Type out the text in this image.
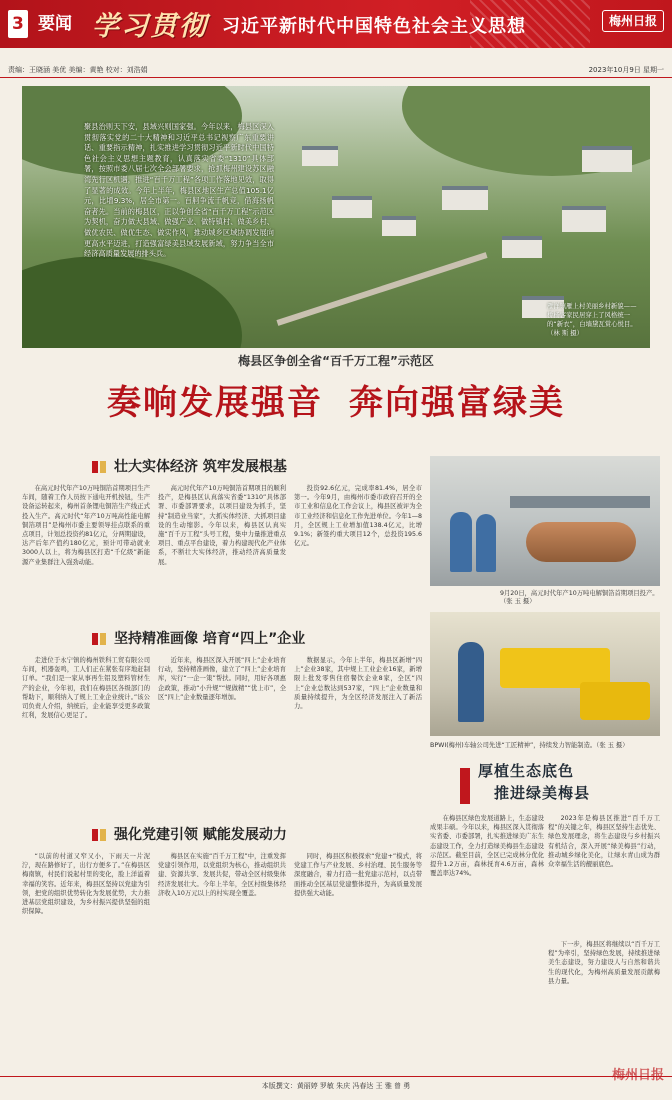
3 要闻 学习贯彻 习近平新时代中国特色社会主义思想	梅州日报
责编：王晓涵 美优 美编：黄艳 校对：刘浩娟	2023年10月9日 星期一
聚县治则天下安，县域兴则国家强。今年以来，梅县区深入贯彻落实党的二十大精神和习近平总书记视察广东重要讲话、重要指示精神，扎实推进学习贯彻习近平新时代中国特色社会主义思想主题教育，认真落实省委“1310”具体部署，按照市委八届七次全会部署要求，抢抓梅州建设苏区融湾先行区机遇，推进“百千万工程”各项工作落地见效，取得了显著的成效。今年上半年，梅县区地区生产总值105.1亿元，比增9.3%，居全市第一。百舸争流千帆竞，借海扬帆奋者先。当前的梅县区，正以争创全省“百千万工程”示范区为契机，奋力做大县域、做强产业、做特镇村、做美乡村、做优农民、做优生态、做实作风，推动城乡区域协调发展向更高水平迈进，打造强富绿美县域发展新域，努力争当全市经济高质量发展的排头兵。
雁洋镇雁上村美丽乡村新貌——桥杨客家民居穿上了风格统一的“新衣”，白墙黛瓦赏心悦目。（林 斯 摄）
梅县区争创全省“百千万工程”示范区
奏响发展强音 奔向强富绿美
壮大实体经济 筑牢发展根基

在高元时代年产10万吨铜箔首期项目生产车间，随着工作人员按下通电开机按钮，生产设备运转起来，梅州首条锂电铜箔生产线正式投入生产。高元时代“年产10万吨高性能电解铜箔项目”是梅州市委主要领导挂点联系的重点项目，计划总投资约81亿元，分两期建设，达产后年产值约180亿元，预计可带动就业3000人以上，将为梅县区打造“千亿级”新能源产业集群注入强劲动能。

高元时代年产10万吨铜箔首期项目的顺利投产，是梅县区认真落实省委“1310”具体部署、市委部署要求，以项目建设为抓手，坚持“制造业当家”，大抓实体经济、大抓项目建设的生动缩影。今年以来，梅县区认真实施“百千万工程”头号工程，集中力量推进重点项目、重点平台建设，着力构建现代化产业体系，不断壮大实体经济，推动经济高质量发展。

投资92.6亿元，完成率81.4%，居全市第一。今年9月，由梅州市委市政府召开的全市工业和信息化工作会议上，梅县区被评为全市工业经济和信息化工作先进单位。今年1—8月，全区规上工业增加值138.4亿元，比增9.1%；新签约重大项目12个，总投资195.6亿元。

9月20日，高元时代年产10万吨电解铜箔首期项目投产。（张 玉 摄）
坚持精准画像 培育“四上”企业

走进位于永宁镇的梅州铁科工贸有限公司车间，机器轰鸣，工人们正在紧张有序地赶制订单。“我们是一家从事再生铝及塑料管材生产的企业，今年初，我们在梅县区各级部门的帮助下，顺利纳入了规上工业企业统计。”该公司负责人介绍，纳统后，企业能享受更多政策红利，发展信心更足了。

近年来，梅县区深入开展“四上”企业培育行动，坚持精准画像，建立了“四上”企业培育库，实行“一企一策”帮扶。同时，用好各项惠企政策，推动“小升规”“规做精”“优上市”，全区“四上”企业数量逐年增加。

数据显示，今年上半年，梅县区新增“四上”企业38家，其中规上工业企业16家，新增限上批发零售住宿餐饮企业8家，全区“四上”企业总数达到537家，“四上”企业数量和质量持续提升，为全区经济发展注入了新活力。

BPWI(梅州)车轴公司先进“工匠精神”，持续发力智能制造。（张 玉 摄）
强化党建引领 赋能发展动力

“以前的村道又窄又小，下雨天一片泥泞，现在路修好了，出行方便多了。”在梅县区梅南镇，村民们说起村里的变化，脸上洋溢着幸福的笑容。近年来，梅县区坚持以党建为引领，把党的组织优势转化为发展优势，大力推进基层党组织建设，为乡村振兴提供坚强的组织保障。

梅县区在实施“百千万工程”中，注重发挥党建引领作用，以党组织为核心，推动组织共建、资源共享、发展共促，带动全区村级集体经济发展壮大。今年上半年，全区村级集体经济收入10万元以上的村实现全覆盖。

同时，梅县区积极探索“党建+”模式，将党建工作与产业发展、乡村治理、民生服务等深度融合，着力打造一批党建示范村，以点带面推动全区基层党建整体提升，为高质量发展提供强大动能。

厚植生态底色
推进绿美梅县

在梅县区绿色发展道路上，生态建设成果丰硕。今年以来，梅县区深入贯彻落实省委、市委部署，扎实推进绿美广东生态建设工作，全力打造绿美梅县生态建设示范区。截至目前，全区已完成林分优化提升1.2万亩，森林抚育4.6万亩，森林覆盖率达74%。

2023年是梅县区推进“百千万工程”的关键之年，梅县区坚持生态优先、绿色发展理念，将生态建设与乡村振兴有机结合，深入开展“绿美梅县”行动，推动城乡绿化美化，让绿水青山成为群众幸福生活的靓丽底色。

下一步，梅县区将继续以“百千万工程”为牵引，坚持绿色发展，持续推进绿美生态建设，努力建设人与自然和谐共生的现代化，为梅州高质量发展贡献梅县力量。

本版撰文：黄丽婷 罗敏 朱庆 冯春达 王 雅 曾 勇
梅州日报
